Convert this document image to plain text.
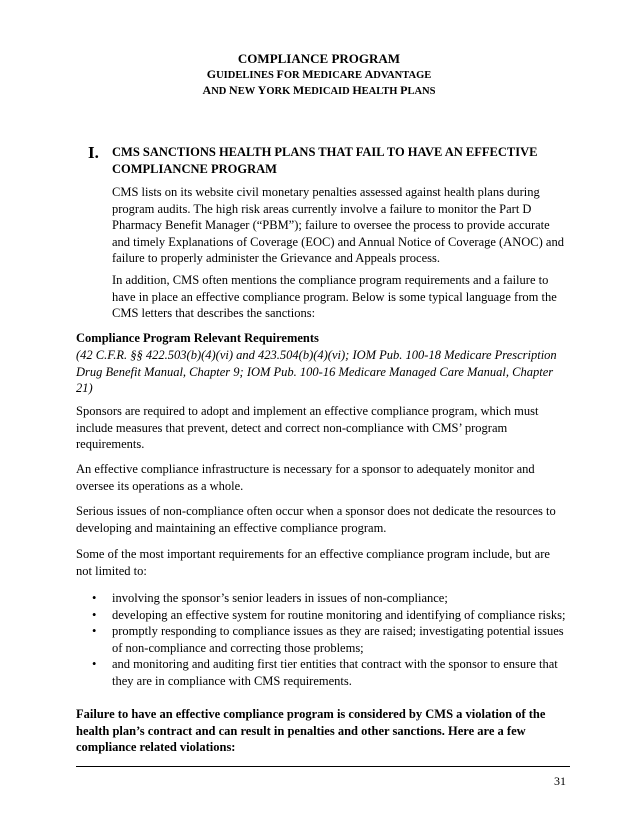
COMPLIANCE PROGRAM
GUIDELINES FOR MEDICARE ADVANTAGE
AND NEW YORK MEDICAID HEALTH PLANS
I. CMS SANCTIONS HEALTH PLANS THAT FAIL TO HAVE AN EFFECTIVE COMPLIANCNE PROGRAM

CMS lists on its website civil monetary penalties assessed against health plans during program audits. The high risk areas currently involve a failure to monitor the Part D Pharmacy Benefit Manager (“PBM”); failure to oversee the process to provide accurate and timely Explanations of Coverage (EOC) and Annual Notice of Coverage (ANOC) and failure to properly administer the Grievance and Appeals process.

In addition, CMS often mentions the compliance program requirements and a failure to have in place an effective compliance program. Below is some typical language from the CMS letters that describes the sanctions:

Compliance Program Relevant Requirements

(42 C.F.R. §§ 422.503(b)(4)(vi) and 423.504(b)(4)(vi); IOM Pub. 100-18 Medicare Prescription Drug Benefit Manual, Chapter 9; IOM Pub. 100-16 Medicare Managed Care Manual, Chapter 21)

Sponsors are required to adopt and implement an effective compliance program, which must include measures that prevent, detect and correct non-compliance with CMS’ program requirements.

An effective compliance infrastructure is necessary for a sponsor to adequately monitor and oversee its operations as a whole.

Serious issues of non-compliance often occur when a sponsor does not dedicate the resources to developing and maintaining an effective compliance program.

Some of the most important requirements for an effective compliance program include, but are not limited to:

• involving the sponsor’s senior leaders in issues of non-compliance;
• developing an effective system for routine monitoring and identifying of compliance risks;
• promptly responding to compliance issues as they are raised; investigating potential issues of non-compliance and correcting those problems;
• and monitoring and auditing first tier entities that contract with the sponsor to ensure that they are in compliance with CMS requirements.

Failure to have an effective compliance program is considered by CMS a violation of the health plan’s contract and can result in penalties and other sanctions. Here are a few compliance related violations:

31
